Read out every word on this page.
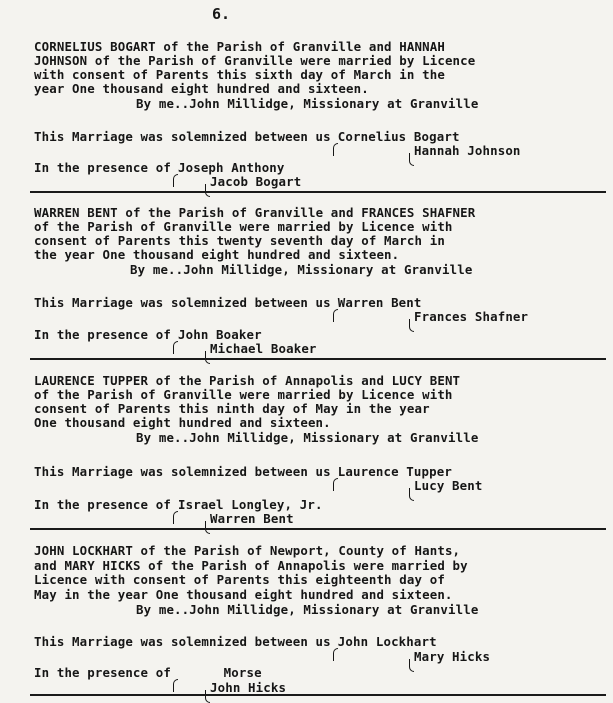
6.
CORNELIUS BOGART of the Parish of Granville and HANNAH
JOHNSON of the Parish of Granville were married by Licence
with consent of Parents this sixth day of March in the
year One thousand eight hundred and sixteen.
By me..John Millidge, Missionary at Granville
This Marriage was solemnized between us Cornelius Bogart
Hannah Johnson
In the presence of Joseph Anthony
Jacob Bogart
WARREN BENT of the Parish of Granville and FRANCES SHAFNER
of the Parish of Granville were married by Licence with
consent of Parents this twenty seventh day of March in
the year One thousand eight hundred and sixteen.
By me..John Millidge, Missionary at Granville
This Marriage was solemnized between us Warren Bent
Frances Shafner
In the presence of John Boaker
Michael Boaker
LAURENCE TUPPER of the Parish of Annapolis and LUCY BENT
of the Parish of Granville were married by Licence with
consent of Parents this ninth day of May in the year
One thousand eight hundred and sixteen.
By me..John Millidge, Missionary at Granville
This Marriage was solemnized between us Laurence Tupper
Lucy Bent
In the presence of Israel Longley, Jr.
Warren Bent
JOHN LOCKHART of the Parish of Newport, County of Hants,
and MARY HICKS of the Parish of Annapolis were married by
Licence with consent of Parents this eighteenth day of
May in the year One thousand eight hundred and sixteen.
By me..John Millidge, Missionary at Granville
This Marriage was solemnized between us John Lockhart
Mary Hicks
In the presence of      Morse
John Hicks
